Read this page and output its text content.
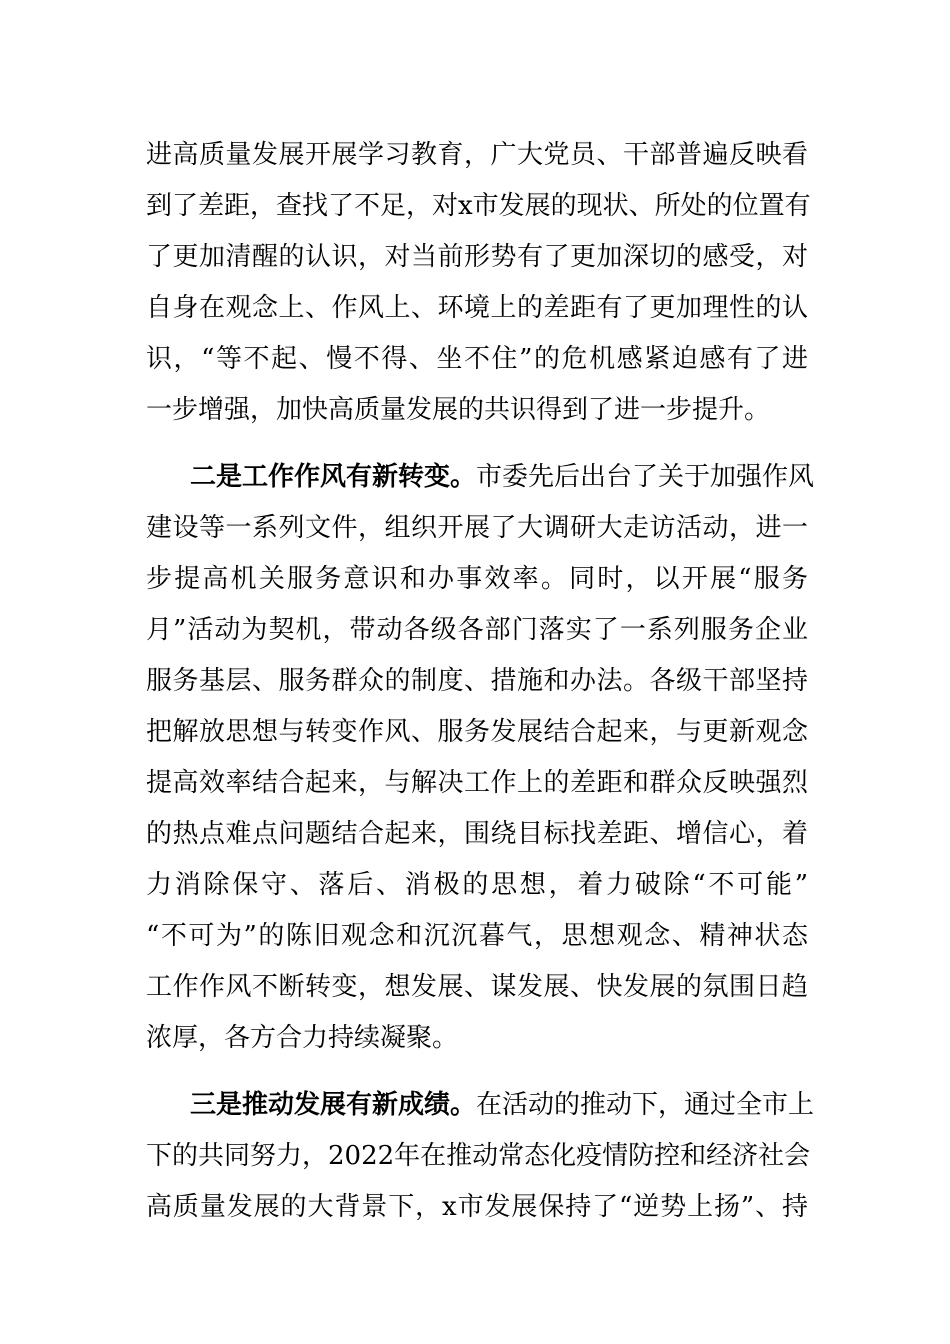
进高质量发展开展学习教育，广大党员、干部普遍反映看
到了差距，查找了不足，对x市发展的现状、所处的位置有
了更加清醒的认识，对当前形势有了更加深切的感受，对
自身在观念上、作风上、环境上的差距有了更加理性的认
识，“等不起、慢不得、坐不住”的危机感紧迫感有了进
一步增强，加快高质量发展的共识得到了进一步提升。
二是工作作风有新转变。市委先后出台了关于加强作风
建设等一系列文件，组织开展了大调研大走访活动，进一
步提高机关服务意识和办事效率。同时，以开展“服务
月”活动为契机，带动各级各部门落实了一系列服务企业
服务基层、服务群众的制度、措施和办法。各级干部坚持
把解放思想与转变作风、服务发展结合起来，与更新观念
提高效率结合起来，与解决工作上的差距和群众反映强烈
的热点难点问题结合起来，围绕目标找差距、增信心，着
力消除保守、落后、消极的思想，着力破除“不可能”
“不可为”的陈旧观念和沉沉暮气，思想观念、精神状态
工作作风不断转变，想发展、谋发展、快发展的氛围日趋
浓厚，各方合力持续凝聚。
三是推动发展有新成绩。在活动的推动下，通过全市上
下的共同努力，2022年在推动常态化疫情防控和经济社会
高质量发展的大背景下，x市发展保持了“逆势上扬”、持
